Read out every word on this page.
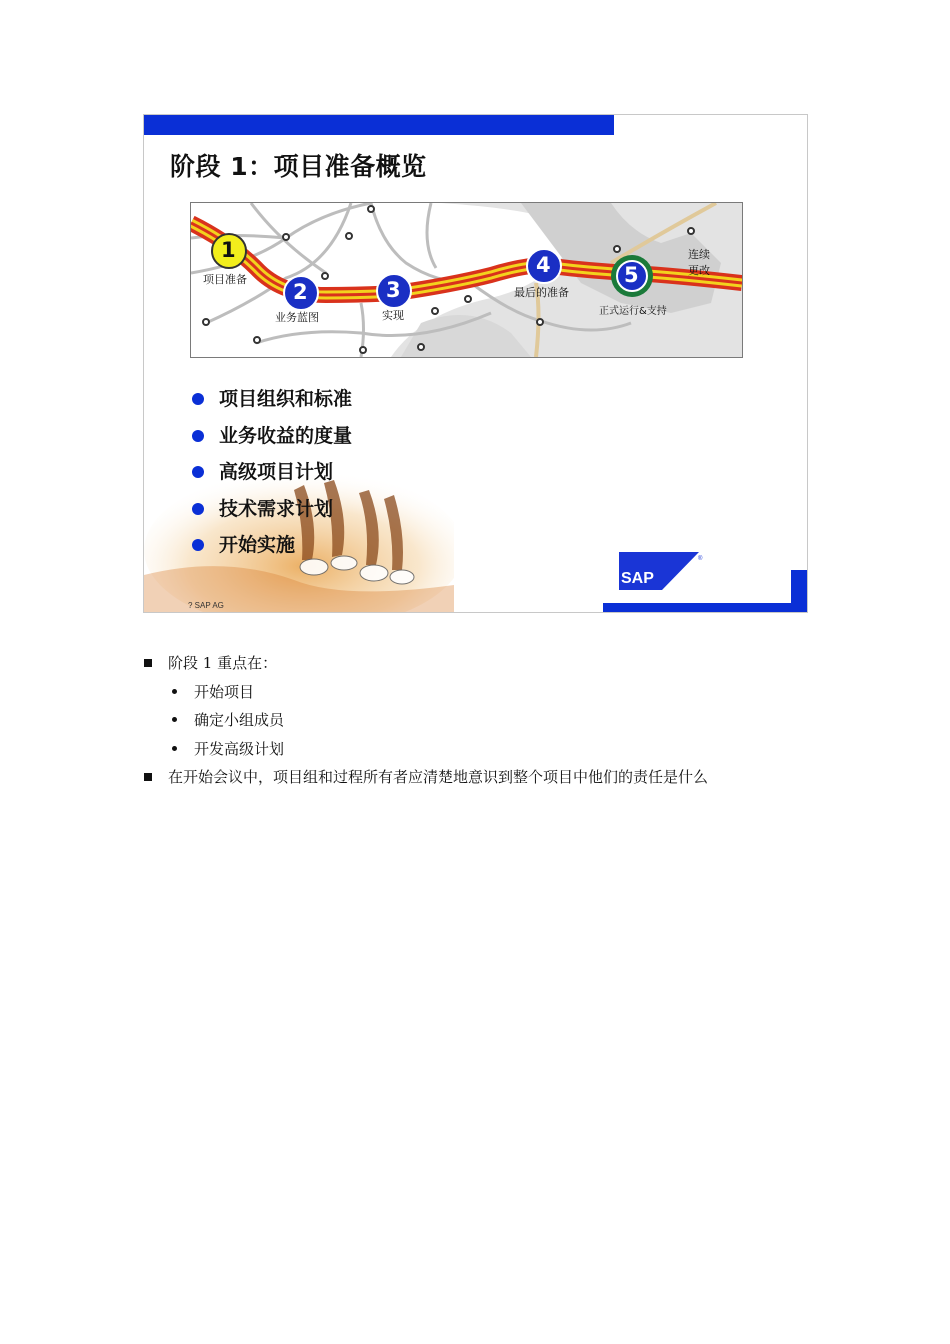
阶段 1：项目准备概览
1
2	3
4	5
项目准备
业务蓝图	实现
最后的准备
正式运行&支持
连续
更改
项目组织和标准
业务收益的度量
高级项目计划
技术需求计划
开始实施
SAP
®
? SAP AG
阶段 1 重点在：
开始项目
确定小组成员
开发高级计划
在开始会议中，项目组和过程所有者应清楚地意识到整个项目中他们的责任是什么
